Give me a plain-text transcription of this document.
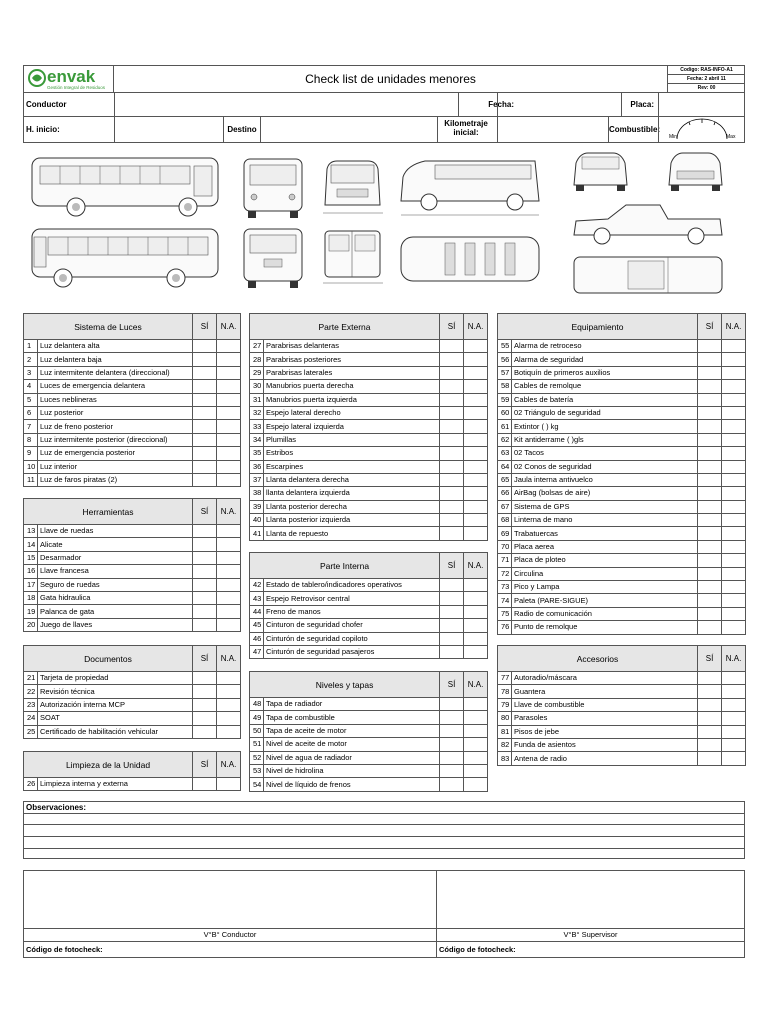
envak
Gestión Integral de Residuos
Check list de unidades menores
Codigo: RAS-INFO-A1
Fecha: 2 abril 11
Rev: 00
Conductor	Fecha:	Placa:
H. inicio:	Destino
Kilometraje inicial:	Combustible:
Min	Max
Sistema de Luces		SÍ	N.A.
1	Luz delantera alta		
2	Luz delantera baja		
3	Luz intermitente delantera (direccional)		
4	Luces de emergencia delantera		
5	Luces neblineras		
6	Luz posterior		
7	Luz de freno posterior		
8	Luz intermitente posterior (direccional)		
9	Luz de emergencia posterior		
10	Luz interior		
11	Luz de faros piratas (2)		
Herramientas		SÍ	N.A.
13	Llave de ruedas		
14	Alicate		
15	Desarmador		
16	Llave francesa		
17	Seguro de ruedas		
18	Gata hidraulica		
19	Palanca de gata		
20	Juego de llaves		
Documentos		SÍ	N.A.
21	Tarjeta de propiedad		
22	Revisión técnica		
23	Autorización interna MCP		
24	SOAT		
25	Certificado de habilitación vehicular		
Limpieza de la Unidad		SÍ	N.A.
26	Limpieza interna y externa		
Parte Externa		SÍ	N.A.
27	Parabrisas delanteras		
28	Parabrisas posteriores		
29	Parabrisas laterales		
30	Manubrios puerta derecha		
31	Manubrios puerta izquierda		
32	Espejo lateral derecho		
33	Espejo lateral izquierda		
34	Plumillas		
35	Estribos		
36	Escarpines		
37	Llanta delantera derecha		
38	llanta delantera izquierda		
39	Llanta posterior derecha		
40	Llanta posterior izquierda		
41	Llanta de repuesto		
Parte Interna		SÍ	N.A.
42	Estado de tablero/indicadores operativos		
43	Espejo Retrovisor central		
44	Freno de manos		
45	Cinturon de seguridad chofer		
46	Cinturón de seguridad copiloto		
47	Cinturón de seguridad pasajeros		
Niveles y tapas		SÍ	N.A.
48	Tapa de radiador		
49	Tapa de combustible		
50	Tapa de aceite de motor		
51	Nivel de aceite de motor		
52	Nivel de agua de radiador		
53	Nivel de hidrolina		
54	Nivel de líquido de frenos		
Equipamiento		SÍ	N.A.
55	Alarma de retroceso		
56	Alarma de seguridad		
57	Botiquín de primeros auxilios		
58	Cables de remolque		
59	Cables de batería		
60	02 Triángulo de seguridad		
61	Extintor ( ) kg		
62	Kit antiderrame ( )gls		
63	02 Tacos		
64	02 Conos de seguridad		
65	Jaula interna antivuelco		
66	AirBag (bolsas de aire)		
67	Sistema de GPS		
68	Linterna de mano		
69	Trabatuercas		
70	Placa aerea		
71	Placa de ploteo		
72	Circulina		
73	Pico y Lampa		
74	Paleta (PARE-SIGUE)		
75	Radio de comunicación		
76	Punto de remolque		
Accesorios		SÍ	N.A.
77	Autoradio/máscara		
78	Guantera		
79	Llave de combustible		
80	Parasoles		
81	Pisos de jebe		
82	Funda de asientos		
83	Antena de radio		
Observaciones:
V°B° Conductor	V°B° Supervisor
Código de fotocheck:	Código de fotocheck:
